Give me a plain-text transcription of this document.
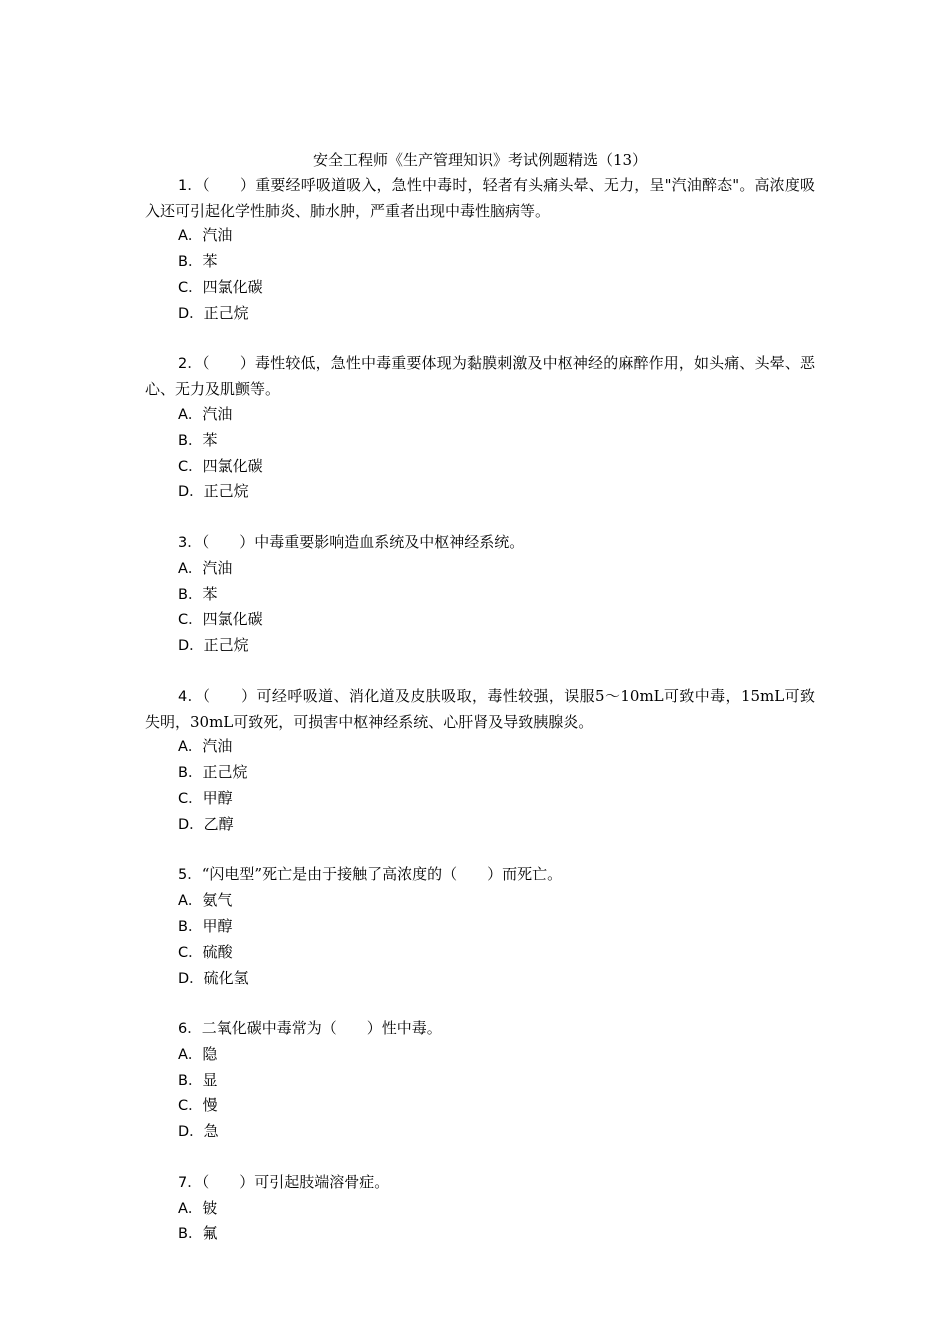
安全工程师《生产管理知识》考试例题精选（13）
1．（　　）重要经呼吸道吸入，急性中毒时，轻者有头痛头晕、无力，呈"汽油醉态"。高浓度吸入还可引起化学性肺炎、肺水肿，严重者出现中毒性脑病等。
A．汽油
B．苯
C．四氯化碳
D．正己烷
2．（　　）毒性较低，急性中毒重要体现为黏膜刺激及中枢神经的麻醉作用，如头痛、头晕、恶心、无力及肌颤等。
A．汽油
B．苯
C．四氯化碳
D．正己烷
3．（　　）中毒重要影响造血系统及中枢神经系统。
A．汽油
B．苯
C．四氯化碳
D．正己烷
4．（　　）可经呼吸道、消化道及皮肤吸取，毒性较强，误服5～10mL可致中毒，15mL可致失明，30mL可致死，可损害中枢神经系统、心肝肾及导致胰腺炎。
A．汽油
B．正己烷
C．甲醇
D．乙醇
5．“闪电型”死亡是由于接触了高浓度的（　　）而死亡。
A．氨气
B．甲醇
C．硫酸
D．硫化氢
6．二氧化碳中毒常为（　　）性中毒。
A．隐
B．显
C．慢
D．急
7．（　　）可引起肢端溶骨症。
A．铍
B．氟
